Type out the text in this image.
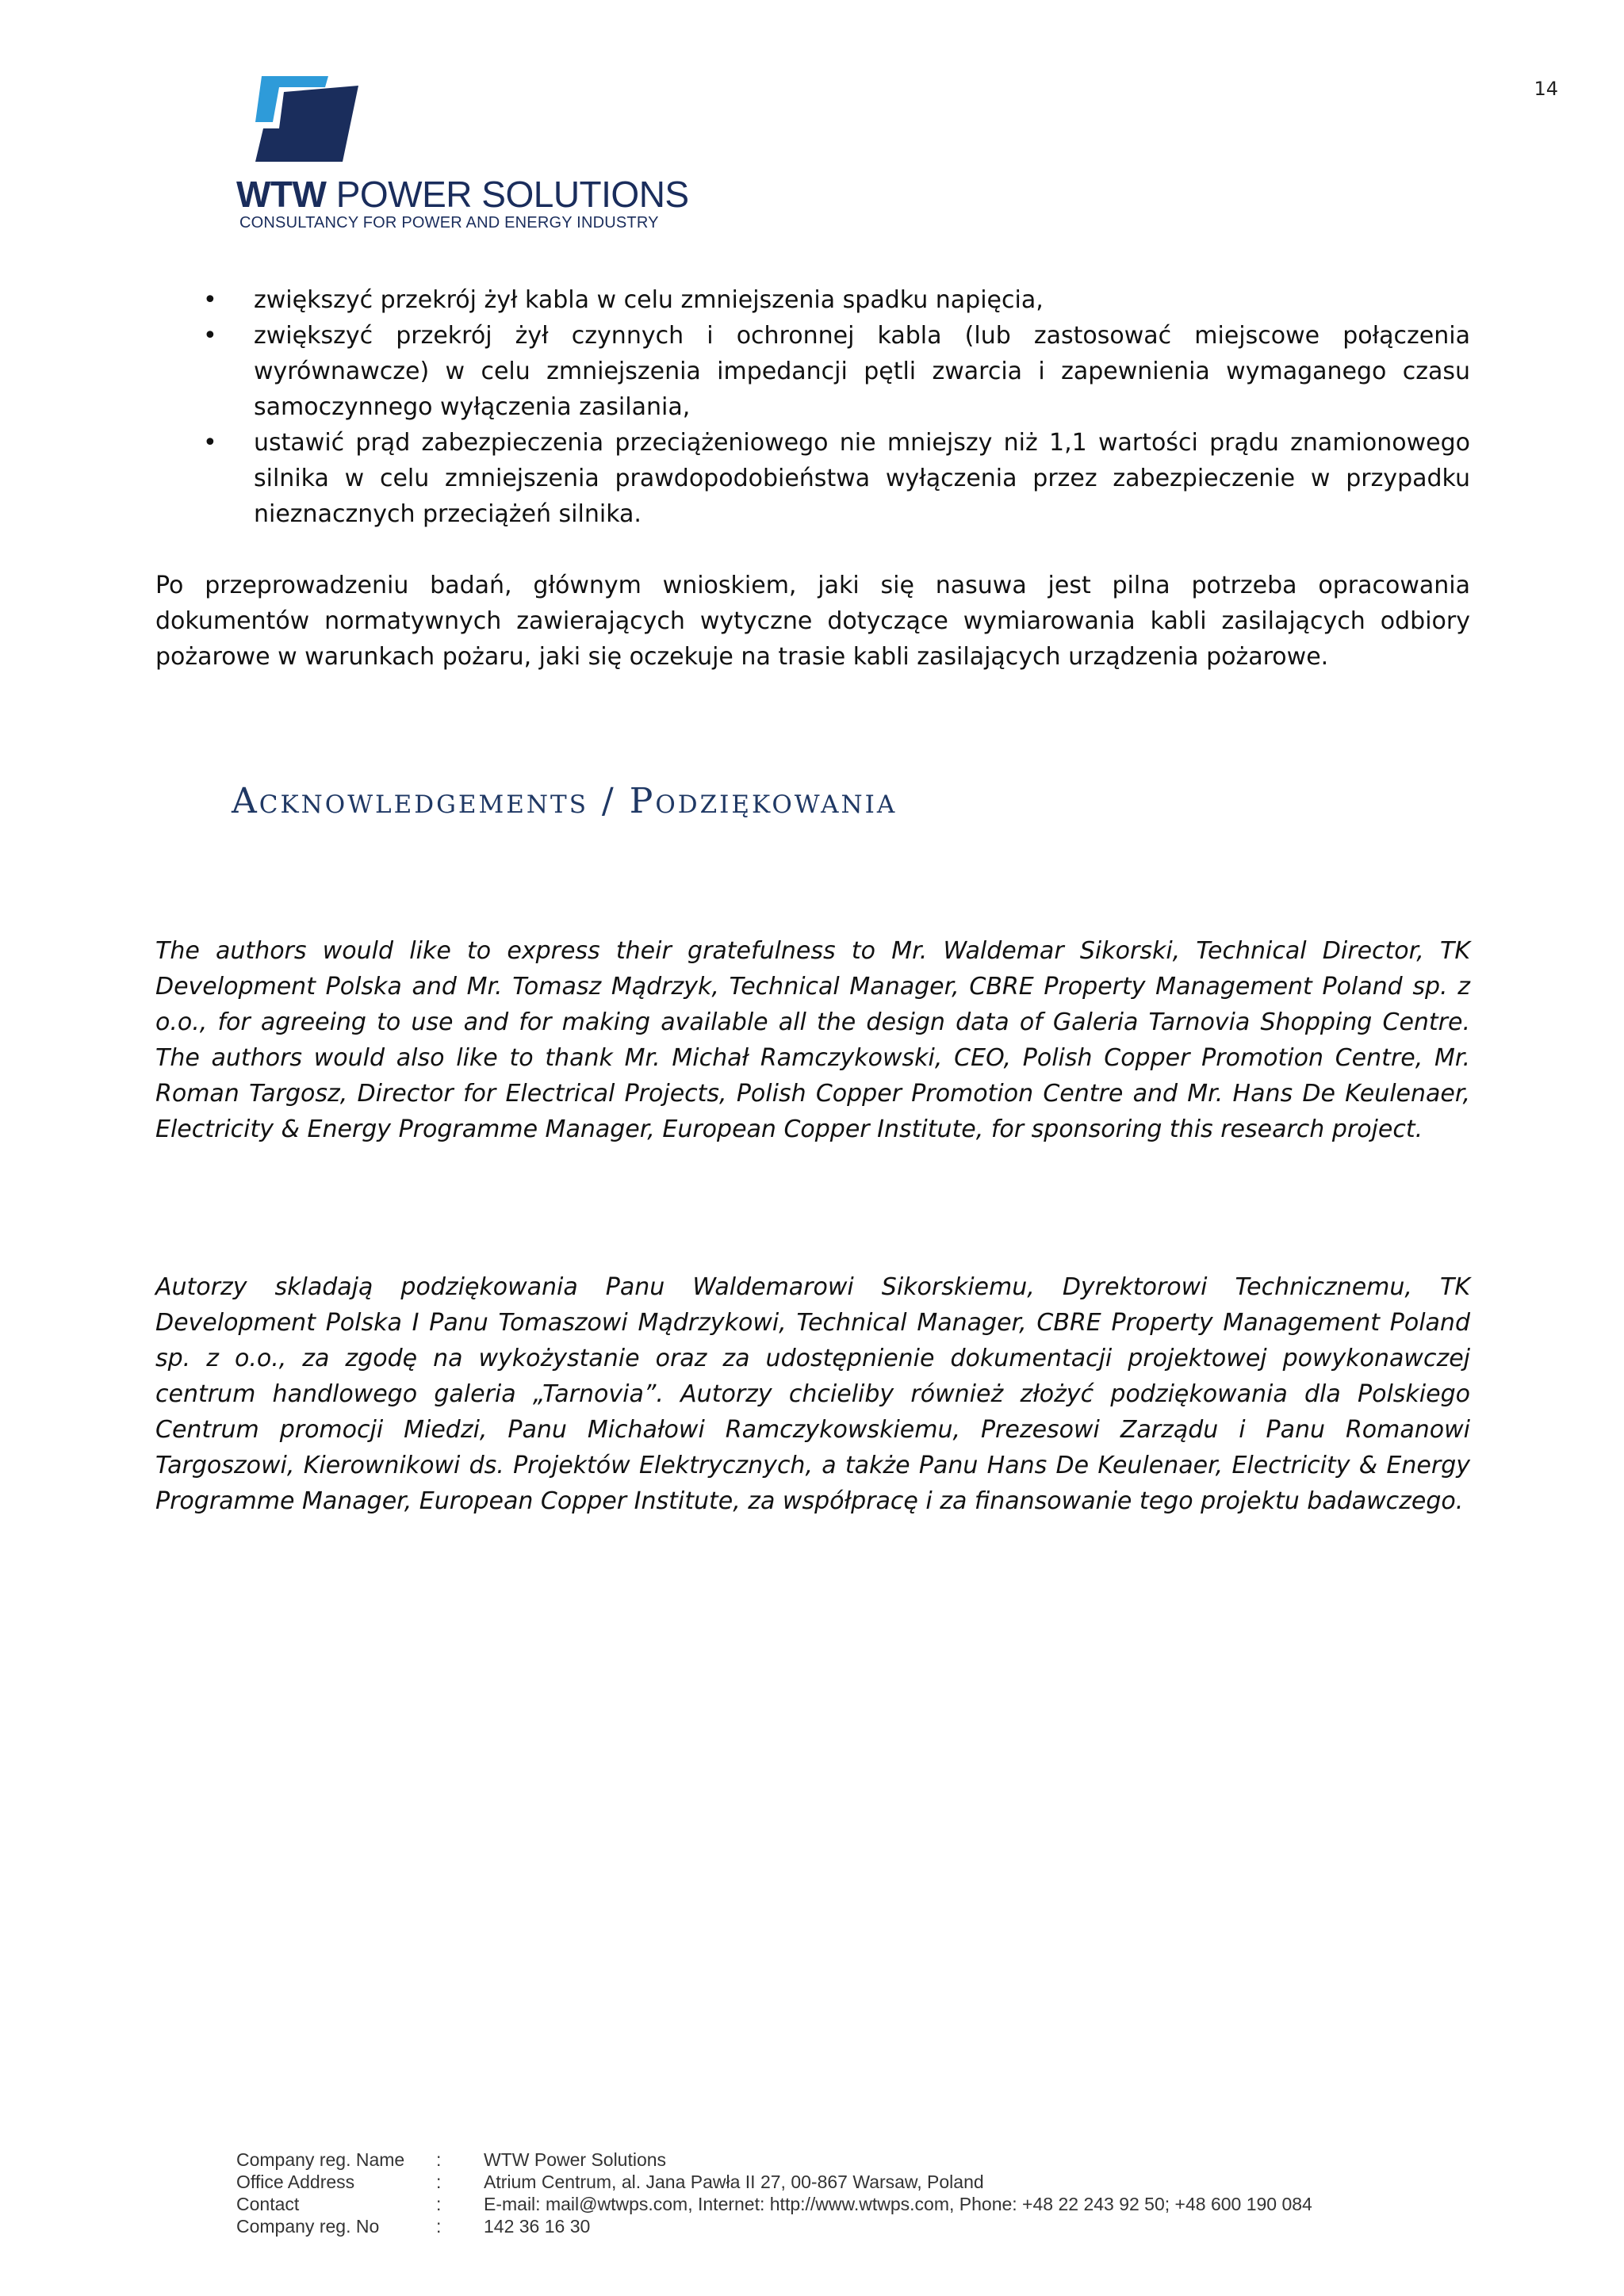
14
WTW POWER SOLUTIONS
CONSULTANCY FOR POWER AND ENERGY INDUSTRY
• zwiększyć przekrój żył kabla w celu zmniejszenia spadku napięcia,
• zwiększyć przekrój żył czynnych i ochronnej kabla (lub zastosować miejscowe połączenia wyrównawcze) w celu zmniejszenia impedancji pętli zwarcia i zapewnienia wymaganego czasu samoczynnego wyłączenia zasilania,
• ustawić prąd zabezpieczenia przeciążeniowego nie mniejszy niż 1,1 wartości prądu znamionowego silnika w celu zmniejszenia prawdopodobieństwa wyłączenia przez zabezpieczenie w przypadku nieznacznych przeciążeń silnika.

Po przeprowadzeniu badań, głównym wnioskiem, jaki się nasuwa jest pilna potrzeba opracowania dokumentów normatywnych zawierających wytyczne dotyczące wymiarowania kabli zasilających odbiory pożarowe w warunkach pożaru, jaki się oczekuje na trasie kabli zasilających urządzenia pożarowe.

Acknowledgements / Podziękowania

The authors would like to express their gratefulness to Mr. Waldemar Sikorski, Technical Director, TK Development Polska and Mr. Tomasz Mądrzyk, Technical Manager, CBRE Property Management Poland sp. z o.o., for agreeing to use and for making available all the design data of Galeria Tarnovia Shopping Centre. The authors would also like to thank Mr. Michał Ramczykowski, CEO, Polish Copper Promotion Centre, Mr. Roman Targosz, Director for Electrical Projects, Polish Copper Promotion Centre and Mr. Hans De Keulenaer, Electricity & Energy Programme Manager, European Copper Institute, for sponsoring this research project.

Autorzy skladają podziękowania Panu Waldemarowi Sikorskiemu, Dyrektorowi Technicznemu, TK Development Polska I Panu Tomaszowi Mądrzykowi, Technical Manager, CBRE Property Management Poland sp. z o.o., za zgodę na wykożystanie oraz za udostępnienie dokumentacji projektowej powykonawczej centrum handlowego galeria „Tarnovia”. Autorzy chcieliby również złożyć podziękowania dla Polskiego Centrum promocji Miedzi, Panu Michałowi Ramczykowskiemu, Prezesowi Zarządu i Panu Romanowi Targoszowi, Kierownikowi ds. Projektów Elektrycznych, a także Panu Hans De Keulenaer, Electricity & Energy Programme Manager, European Copper Institute, za współpracę i za finansowanie tego projektu badawczego.

Company reg. Name	:	WTW Power Solutions
Office Address	:	Atrium Centrum, al. Jana Pawła II 27, 00-867 Warsaw, Poland
Contact	:	E-mail: mail@wtwps.com, Internet: http://www.wtwps.com, Phone: +48 22 243 92 50; +48 600 190 084
Company reg. No	:	142 36 16 30
